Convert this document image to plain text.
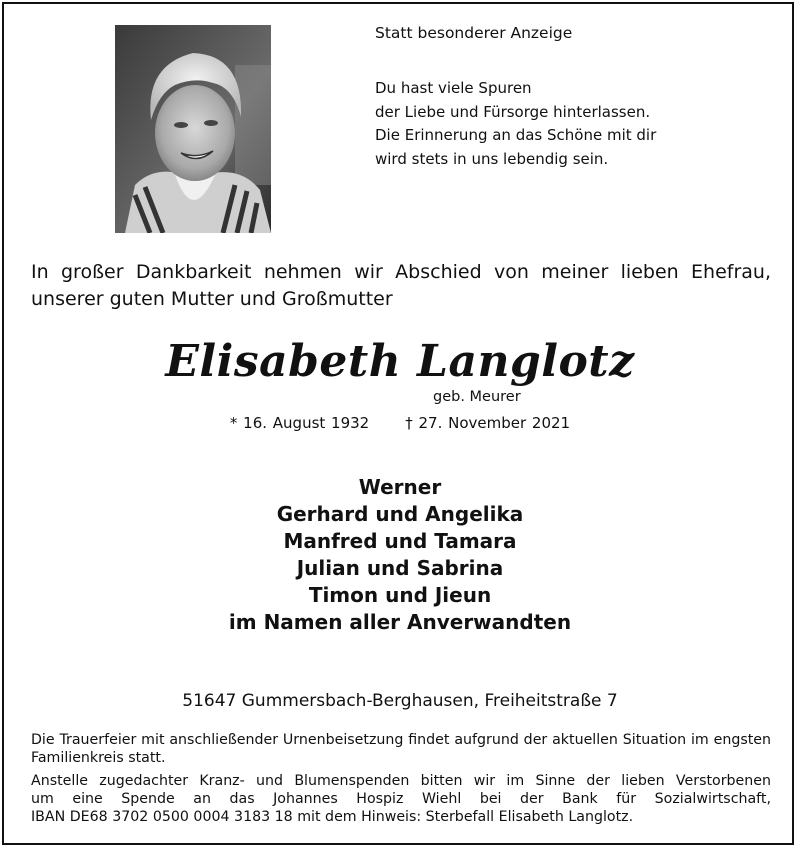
Statt besonderer Anzeige
Du hast viele Spuren
der Liebe und Fürsorge hinterlassen.
Die Erinnerung an das Schöne mit dir
wird stets in uns lebendig sein.
In großer Dankbarkeit nehmen wir Abschied von meiner lieben Ehefrau,
unserer guten Mutter und Großmutter
Elisabeth Langlotz
geb. Meurer
* 16. August 1932 † 27. November 2021
Werner
Gerhard und Angelika
Manfred und Tamara
Julian und Sabrina
Timon und Jieun
im Namen aller Anverwandten
51647 Gummersbach-Berghausen, Freiheitstraße 7

Die Trauerfeier mit anschließender Urnenbeisetzung findet aufgrund der aktuellen Situation im engsten Familienkreis statt.

Anstelle zugedachter Kranz- und Blumenspenden bitten wir im Sinne der lieben Verstorbenen
um eine Spende an das Johannes Hospiz Wiehl bei der Bank für Sozialwirtschaft,
IBAN DE68 3702 0500 0004 3183 18 mit dem Hinweis: Sterbefall Elisabeth Langlotz.
